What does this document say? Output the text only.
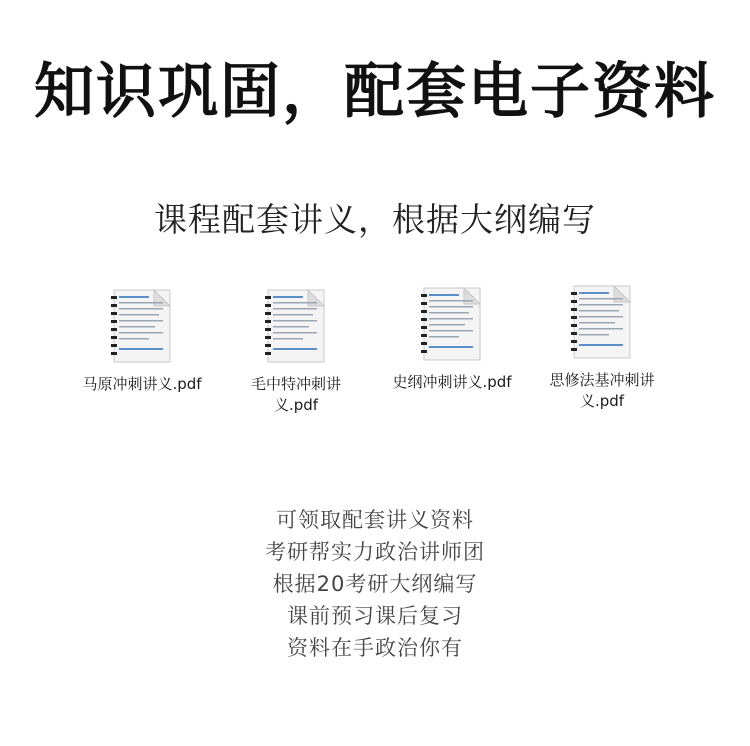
知识巩固，配套电子资料
课程配套讲义，根据大纲编写
马原冲刺讲义.pdf	毛中特冲刺讲
义.pdf
史纲冲刺讲义.pdf	思修法基冲刺讲
义.pdf
可领取配套讲义资料
考研帮实力政治讲师团
根据20考研大纲编写
课前预习课后复习
资料在手政治你有
